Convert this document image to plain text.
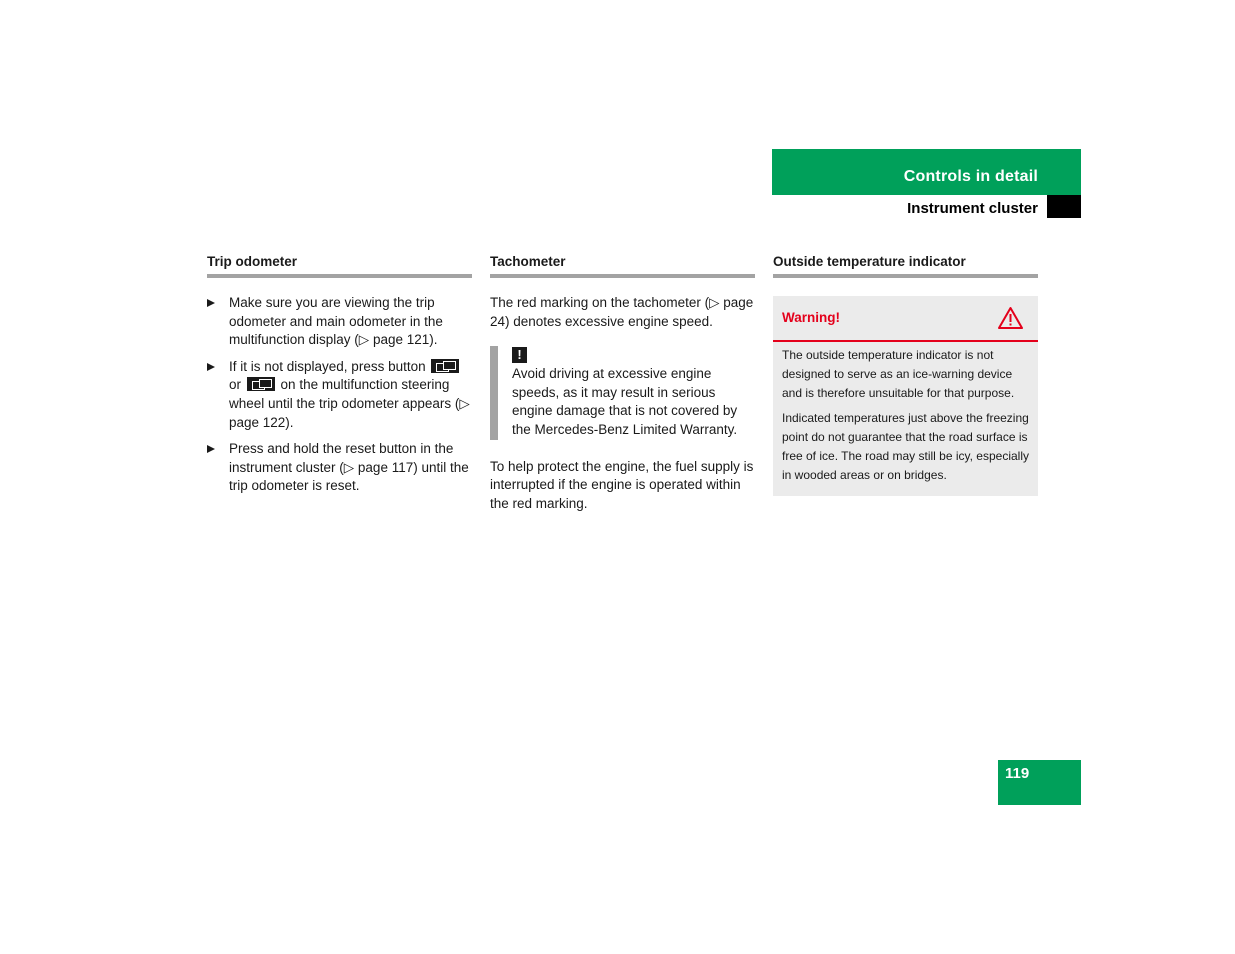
Controls in detail
Instrument cluster
Trip odometer
Make sure you are viewing the trip odometer and main odometer in the multifunction display (▷ page 121).
If it is not displayed, press button  or	on the multifunction steering wheel until the trip odometer appears (▷ page 122).
Press and hold the reset button in the instrument cluster (▷ page 117) until the trip odometer is reset.
Tachometer
The red marking on the tachometer (▷ page 24) denotes excessive engine speed.
!
Avoid driving at excessive engine speeds, as it may result in serious engine damage that is not covered by the Mercedes-Benz Limited Warranty.
To help protect the engine, the fuel supply is interrupted if the engine is operated within the red marking.
Outside temperature indicator
Warning!

The outside temperature indicator is not designed to serve as an ice-warning device and is therefore unsuitable for that purpose.

Indicated temperatures just above the freezing point do not guarantee that the road surface is free of ice. The road may still be icy, especially in wooded areas or on bridges.

119
